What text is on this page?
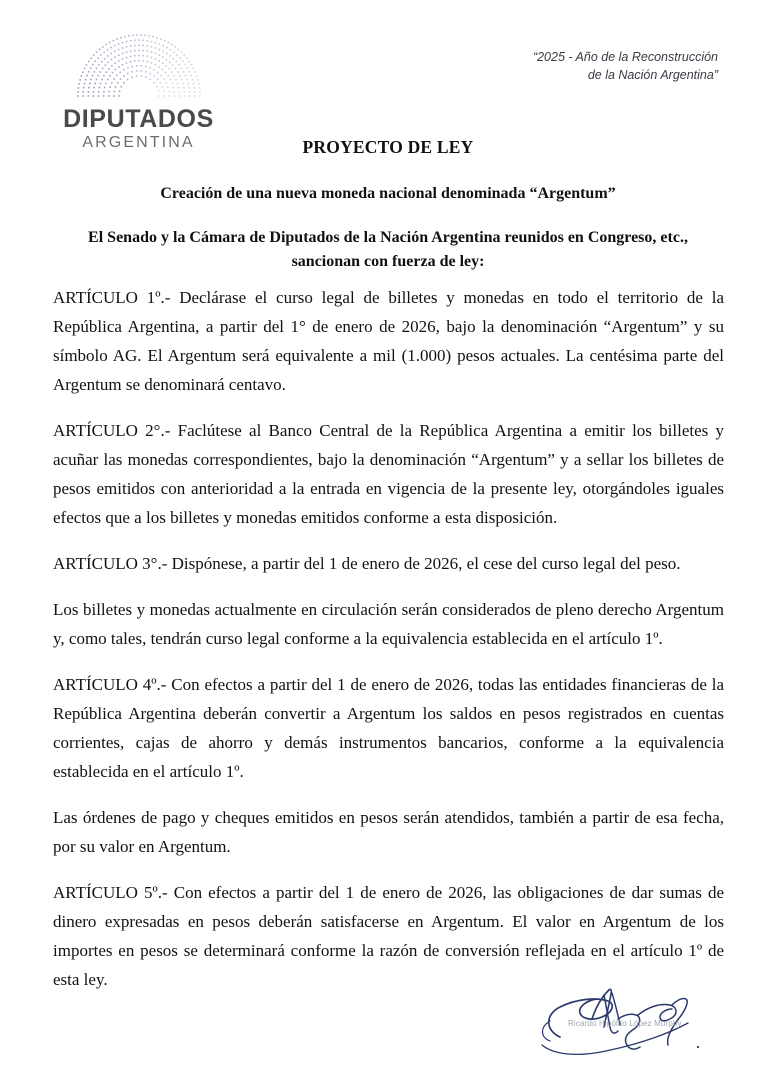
DIPUTADOS
ARGENTINA
“2025 - Año de la Reconstrucción
de la Nación Argentina”
PROYECTO DE LEY
Creación de una nueva moneda nacional denominada “Argentum”

El Senado y la Cámara de Diputados de la Nación Argentina reunidos en Congreso, etc., sancionan con fuerza de ley:

ARTÍCULO 1º.- Declárase el curso legal de billetes y monedas en todo el territorio de la República Argentina, a partir del 1° de enero de 2026, bajo la denominación “Argentum” y su símbolo AG. El Argentum será equivalente a mil (1.000) pesos actuales. La centésima parte del Argentum se denominará centavo.

ARTÍCULO 2°.- Faclútese al Banco Central de la República Argentina a emitir los billetes y acuñar las monedas correspondientes, bajo la denominación “Argentum” y a sellar los billetes de pesos emitidos con anterioridad a la entrada en vigencia de la presente ley, otorgándoles iguales efectos que a los billetes y monedas emitidos conforme a esta disposición.

ARTÍCULO 3°.- Dispónese, a partir del 1 de enero de 2026, el cese del curso legal del peso.

Los billetes y monedas actualmente en circulación serán considerados de pleno derecho Argentum y, como tales, tendrán curso legal conforme a la equivalencia establecida en el artículo 1º.

ARTÍCULO 4º.- Con efectos a partir del 1 de enero de 2026, todas las entidades financieras de la República Argentina deberán convertir a Argentum los saldos en pesos registrados en cuentas corrientes, cajas de ahorro y demás instrumentos bancarios, conforme a la equivalencia establecida en el artículo 1º.

Las órdenes de pago y cheques emitidos en pesos serán atendidos, también a partir de esa fecha, por su valor en Argentum.

ARTÍCULO 5º.- Con efectos a partir del 1 de enero de 2026, las obligaciones de dar sumas de dinero expresadas en pesos deberán satisfacerse en Argentum. El valor en Argentum de los importes en pesos se determinará conforme la razón de conversión reflejada en el artículo 1º de esta ley.

Ricardo Hipólito López Murphy
